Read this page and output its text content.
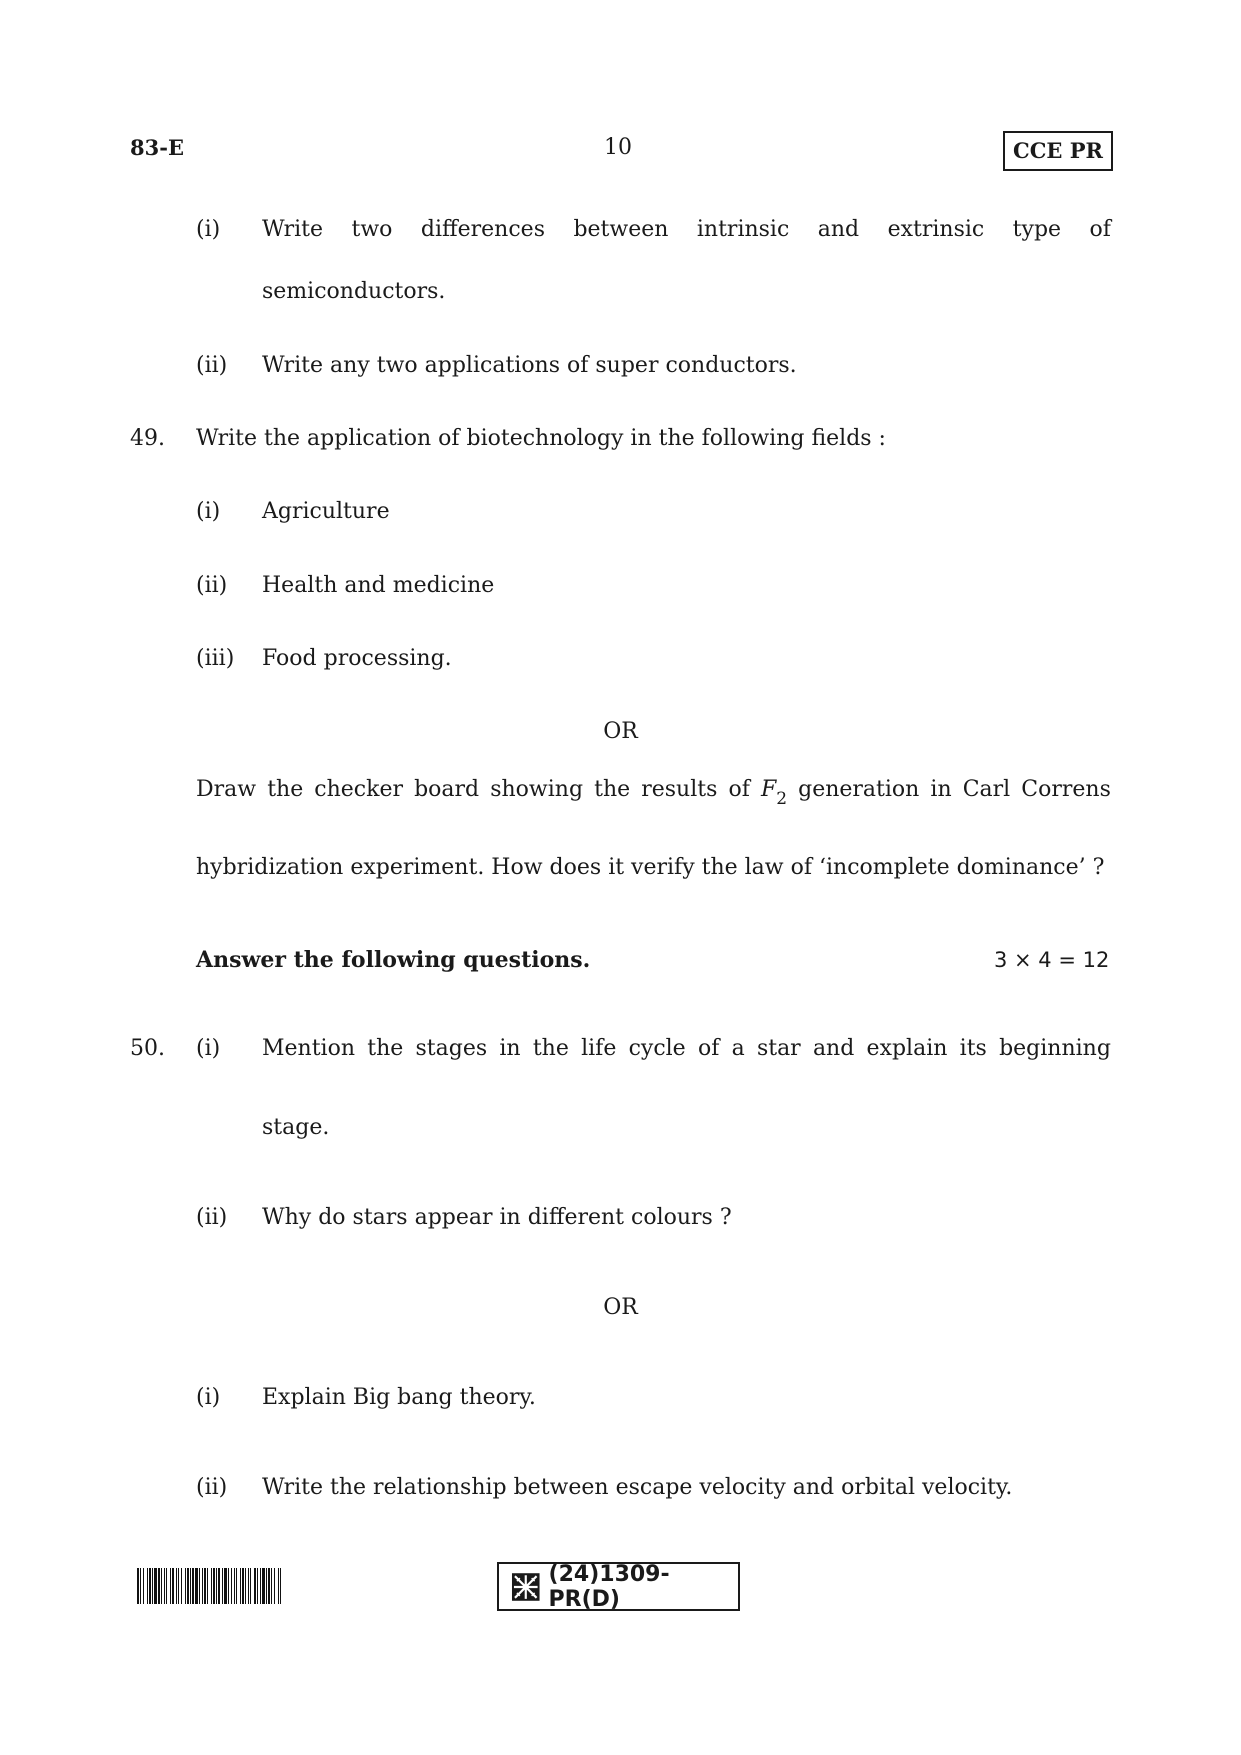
83-E	10	CCE PR
(i) Write two differences between intrinsic and extrinsic type of
semiconductors.
(ii) Write any two applications of super conductors.
49. Write the application of biotechnology in the following fields :
(i) Agriculture
(ii) Health and medicine
(iii) Food processing.
OR
Draw the checker board showing the results of $F_2$ generation in Carl Correns
hybridization experiment. How does it verify the law of ‘incomplete dominance’ ?
Answer the following questions.	3 × 4 = 12
50. (i) Mention the stages in the life cycle of a star and explain its beginning
stage.
(ii) Why do stars appear in different colours ?
OR
(i) Explain Big bang theory.
(ii) Write the relationship between escape velocity and orbital velocity.
(24)1309-PR(D)
